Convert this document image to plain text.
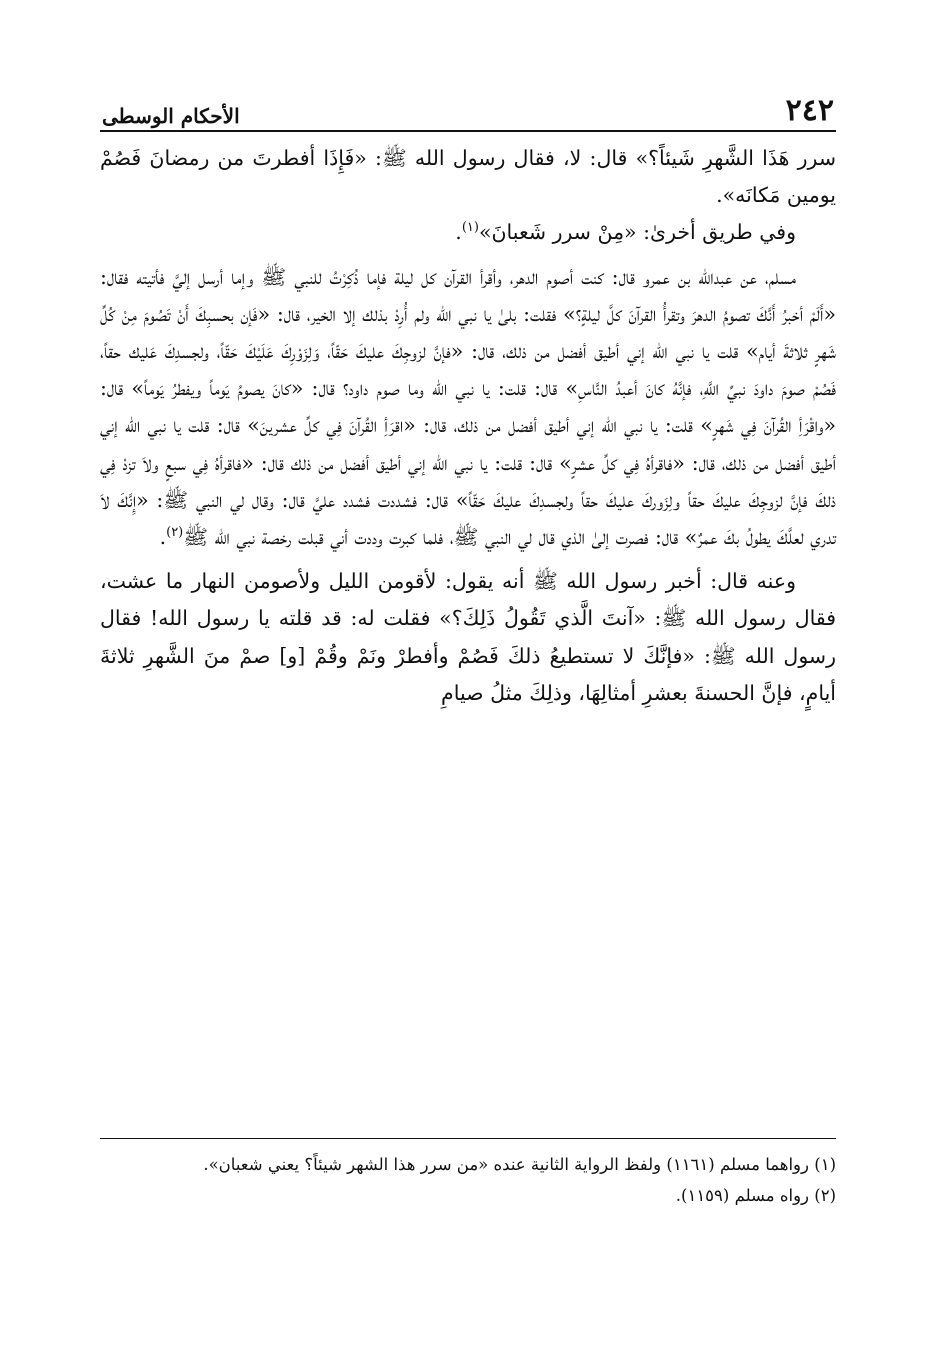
٢٤٢
الأحكام الوسطى

سرر هَذَا الشَّهرِ شَيئاً؟» قال: لا، فقال رسول الله ﷺ: «فَإِذَا أفطرتَ من رمضانَ فَصُمْ يومين مَكانَه».

وفي طريق أخرىٰ: «مِنْ سرر شَعبانَ»$^{(١)}$.

مسلم، عن عبدالله بن عمرو قال: كنت أصوم الدهر، وأقرأ القرآن كل ليلة فإما ذُكِرْتُ للنبي ﷺ وإما أرسل إليَّ فأتيته فقال: «أَلَمْ أخبرُ أَنَّكَ تصومُ الدهرَ وتقرأُ القرآنَ كلَّ ليلةٍ؟» فقلت: بلىٰ يا نبي الله ولم أُرِدْ بذلك إلا الخير، قال: «فَإن بحسبِكَ أَنْ تَصُومَ مِنْ كُلِّ شَهرٍ ثلاثةَ أيام» قلت يا نبي الله إني أطيق أفضل من ذلك، قال: «فإنَّ لزوجِكَ عليكَ حَقّاً، وَلِزَوْرِكَ عَلَيْكَ حَقّاً، ولجسدِكَ عَليك حقاً، فَصُمْ صومَ داودَ نبيِّ اللَّهِ، فإنَّهُ كانَ أعبدُ النَّاسِ» قال: قلت: يا نبي الله وما صوم داود؟ قال: «كانَ يصومُ يَوماً ويفطرُ يَوماً» قال: «واقْرَأِ القُرآنَ فِي شَهرٍ» قلت: يا نبي الله إني أطيق أفضل من ذلك، قال: «اقرَأِ القُرآنَ فِي كلِّ عشرينَ» قال: قلت يا نبي الله إني أطيق أفضل من ذلك، قال: «فاقرأهُ فِي كلِّ عشرٍ» قال: قلت: يا نبي الله إني أطيق أفضل من ذلك قال: «فاقرأهُ فِي سبعٍ ولاَ تزدْ فِي ذلكَ فإنَّ لزوجِكَ عليكَ حقاً ولِزَوركَ عليكَ حقاً ولجسدِكَ عليكَ حَقّاً» قال: فشددت فشدد عليَّ قال: وقال لي النبي ﷺ: «إِنَّكَ لاَ تدري لعلَّكَ يطولُ بكَ عمرٌ» قال: فصرت إلىٰ الذي قال لي النبي ﷺ، فلما كبرت وددت أني قبلت رخصة نبي الله ﷺ$^{(٢)}$.

وعنه قال: أخبر رسول الله ﷺ أنه يقول: لأقومن الليل ولأصومن النهار ما عشت، فقال رسول الله ﷺ: «آنتَ الَّذي تَقُولُ ذَلِكَ؟» فقلت له: قد قلته يا رسول الله! فقال رسول الله ﷺ: «فإنَّكَ لا تستطيعُ ذلكَ فَصُمْ وأفطرْ ونَمْ وقُمْ [و] صمْ منَ الشَّهرِ ثلاثةَ أيامٍ، فإنَّ الحسنةَ بعشرِ أمثالِهَا، وذلِكَ مثلُ صيامِ

(١) رواهما مسلم (١١٦١) ولفظ الرواية الثانية عنده «من سرر هذا الشهر شيئاً؟ يعني شعبان».

(٢) رواه مسلم (١١٥٩).
